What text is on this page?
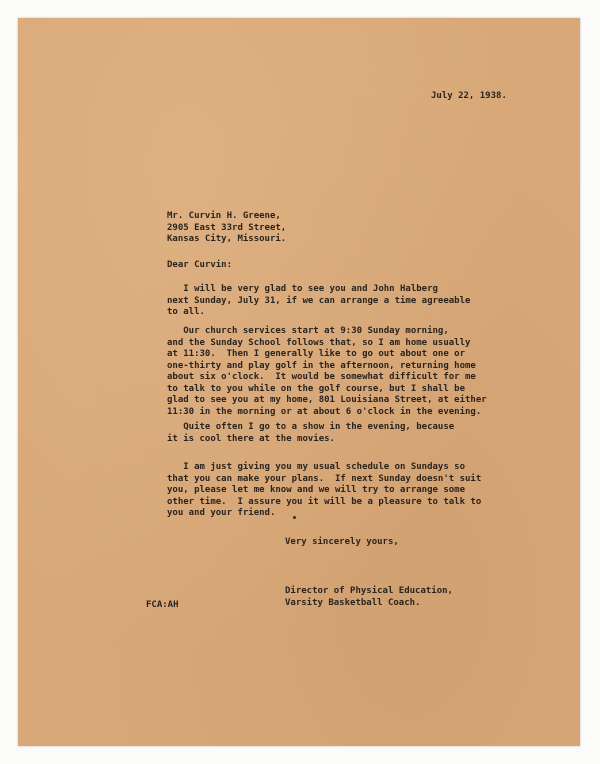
July 22, 1938.
Mr. Curvin H. Greene,
2905 East 33rd Street,
Kansas City, Missouri.
Dear Curvin:
I will be very glad to see you and John Halberg
next Sunday, July 31, if we can arrange a time agreeable
to all.
Our church services start at 9:30 Sunday morning,
and the Sunday School follows that, so I am home usually
at 11:30.  Then I generally like to go out about one or
one-thirty and play golf in the afternoon, returning home
about six o'clock.  It would be somewhat difficult for me
to talk to you while on the golf course, but I shall be
glad to see you at my home, 801 Louisiana Street, at either
11:30 in the morning or at about 6 o'clock in the evening.
Quite often I go to a show in the evening, because
it is cool there at the movies.
I am just giving you my usual schedule on Sundays so
that you can make your plans.  If next Sunday doesn't suit
you, please let me know and we will try to arrange some
other time.  I assure you it will be a pleasure to talk to
you and your friend.
Very sincerely yours,
Director of Physical Education,
Varsity Basketball Coach.
FCA:AH
